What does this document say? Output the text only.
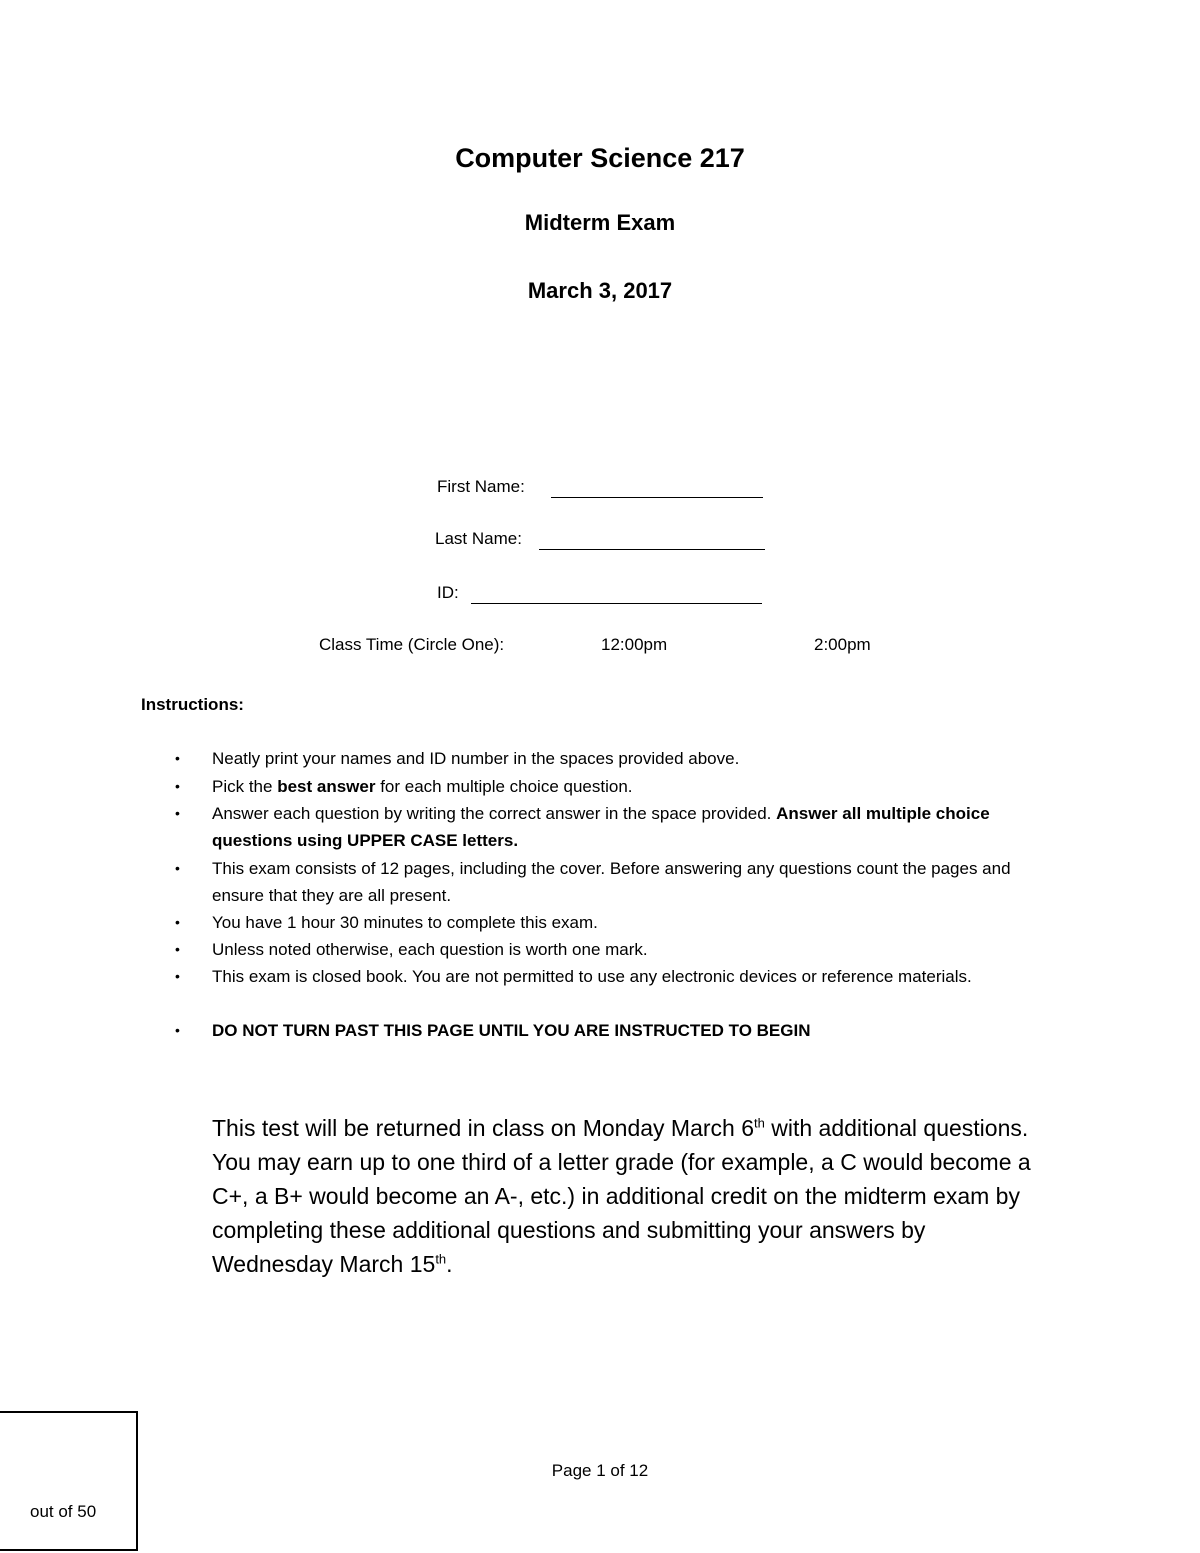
Computer Science 217
Midterm Exam
March 3, 2017
First Name:
Last Name:
ID:
Class Time (Circle One):	12:00pm	2:00pm
Instructions:
• Neatly print your names and ID number in the spaces provided above.
• Pick the best answer for each multiple choice question.
• Answer each question by writing the correct answer in the space provided. Answer all multiple choice questions using UPPER CASE letters.
• This exam consists of 12 pages, including the cover. Before answering any questions count the pages and ensure that they are all present.
• You have 1 hour 30 minutes to complete this exam.
• Unless noted otherwise, each question is worth one mark.
• This exam is closed book. You are not permitted to use any electronic devices or reference materials.
• DO NOT TURN PAST THIS PAGE UNTIL YOU ARE INSTRUCTED TO BEGIN
This test will be returned in class on Monday March 6th with additional questions. You may earn up to one third of a letter grade (for example, a C would become a C+, a B+ would become an A-, etc.) in additional credit on the midterm exam by completing these additional questions and submitting your answers by Wednesday March 15th.
Page 1 of 12
out of 50
